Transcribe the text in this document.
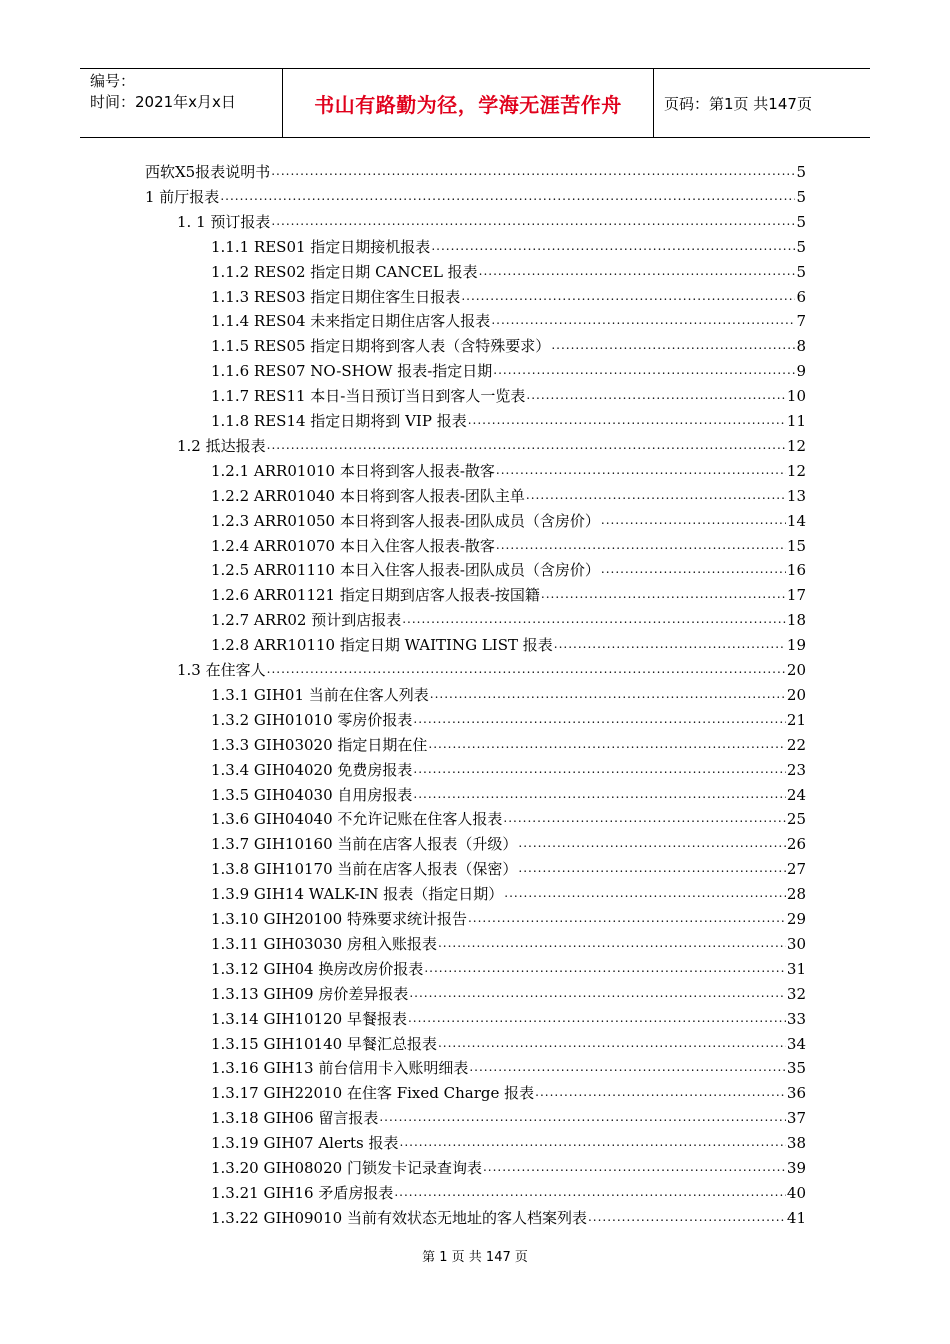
编号：
时间：2021年x月x日	书山有路勤为径，学海无涯苦作舟	页码：第1页 共147页
西软X5报表说明书 .....	5
1 前厅报表 .....	5
1. 1 预订报表 .....	5
1.1.1 RES01 指定日期接机报表 .....	5
1.1.2 RES02 指定日期 CANCEL 报表 .....	5
1.1.3 RES03 指定日期住客生日报表 .....	6
1.1.4 RES04 未来指定日期住店客人报表 .....	7
1.1.5 RES05 指定日期将到客人表（含特殊要求） .....	8
1.1.6 RES07 NO-SHOW 报表-指定日期 .....	9
1.1.7 RES11 本日-当日预订当日到客人一览表 .....	10
1.1.8 RES14 指定日期将到 VIP 报表 .....	11
1.2 抵达报表 .....	12
1.2.1 ARR01010 本日将到客人报表-散客 .....	12
1.2.2 ARR01040 本日将到客人报表-团队主单 .....	13
1.2.3 ARR01050 本日将到客人报表-团队成员（含房价） .....	14
1.2.4 ARR01070 本日入住客人报表-散客 .....	15
1.2.5 ARR01110 本日入住客人报表-团队成员（含房价） .....	16
1.2.6 ARR01121 指定日期到店客人报表-按国籍 .....	17
1.2.7 ARR02 预计到店报表 .....	18
1.2.8 ARR10110 指定日期 WAITING LIST 报表 .....	19
1.3 在住客人 .....	20
1.3.1 GIH01 当前在住客人列表 .....	20
1.3.2 GIH01010 零房价报表 .....	21
1.3.3 GIH03020 指定日期在住 .....	22
1.3.4 GIH04020 免费房报表 .....	23
1.3.5 GIH04030 自用房报表 .....	24
1.3.6 GIH04040 不允许记账在住客人报表 .....	25
1.3.7 GIH10160 当前在店客人报表（升级） .....	26
1.3.8 GIH10170 当前在店客人报表（保密） .....	27
1.3.9 GIH14 WALK-IN 报表（指定日期） .....	28
1.3.10 GIH20100 特殊要求统计报告 .....	29
1.3.11 GIH03030 房租入账报表 .....	30
1.3.12 GIH04 换房改房价报表 .....	31
1.3.13 GIH09 房价差异报表 .....	32
1.3.14 GIH10120 早餐报表 .....	33
1.3.15 GIH10140 早餐汇总报表 .....	34
1.3.16 GIH13 前台信用卡入账明细表 .....	35
1.3.17 GIH22010 在住客 Fixed Charge 报表 .....	36
1.3.18 GIH06 留言报表 .....	37
1.3.19 GIH07 Alerts 报表 .....	38
1.3.20 GIH08020 门锁发卡记录查询表 .....	39
1.3.21 GIH16 矛盾房报表 .....	40
1.3.22 GIH09010 当前有效状态无地址的客人档案列表 .....	41
第 1 页 共 147 页
